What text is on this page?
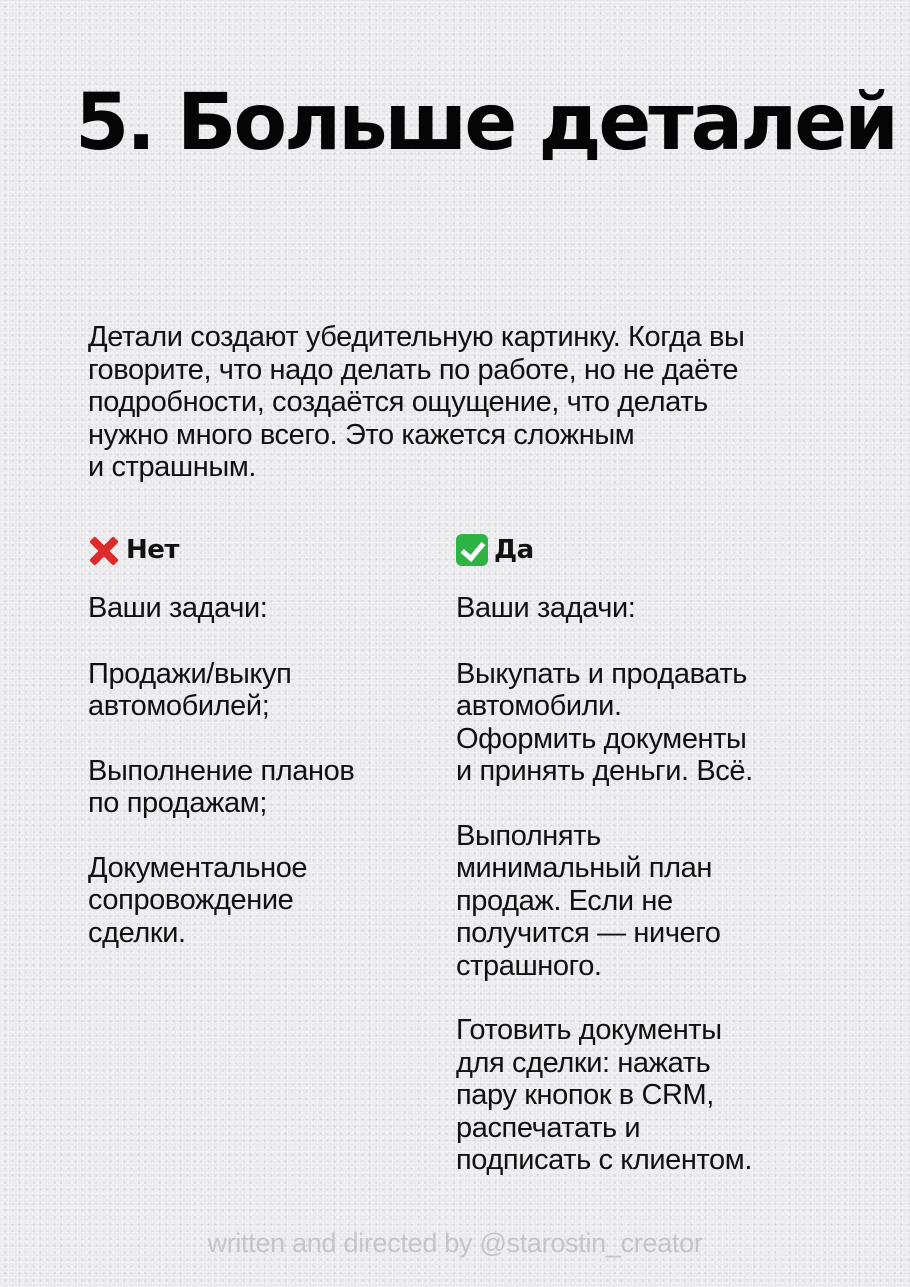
5. Больше деталей
Детали создают убедительную картинку. Когда вы
говорите, что надо делать по работе, но не даёте
подробности, создаётся ощущение, что делать
нужно много всего. Это кажется сложным
и страшным.
Нет
Ваши задачи:
Продажи/выкуп
автомобилей;
Выполнение планов
по продажам;
Документальное
сопровождение
сделки.
Да
Ваши задачи:
Выкупать и продавать
автомобили.
Оформить документы
и принять деньги. Всё.
Выполнять
минимальный план
продаж. Если не
получится — ничего
страшного.
Готовить документы
для сделки: нажать
пару кнопок в CRM,
распечатать и
подписать с клиентом.
written and directed by @starostin_creator
